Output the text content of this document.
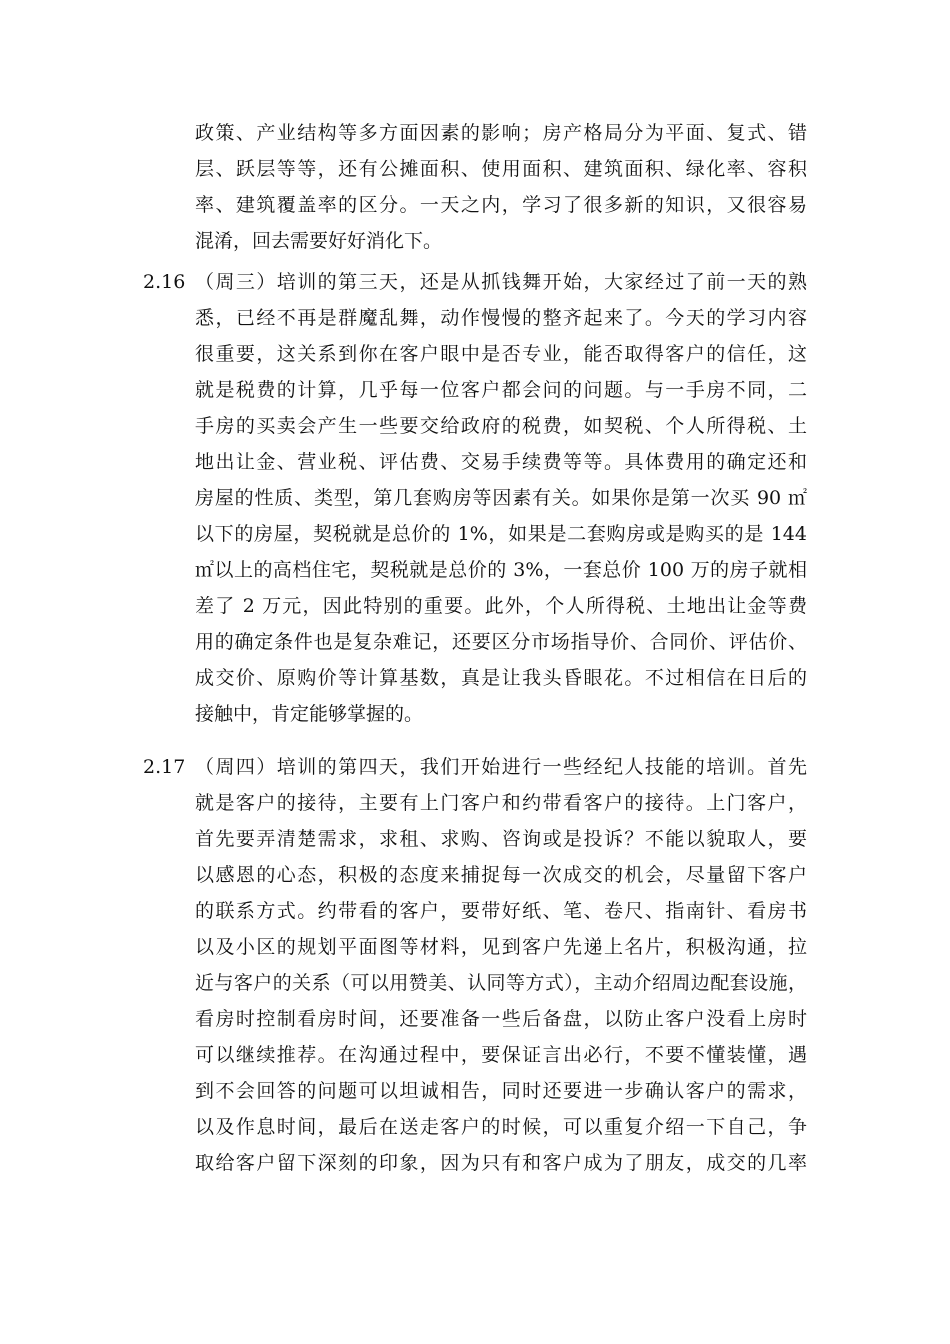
政策、产业结构等多方面因素的影响；房产格局分为平面、复式、错
层、跃层等等，还有公摊面积、使用面积、建筑面积、绿化率、容积
率、建筑覆盖率的区分。一天之内，学习了很多新的知识，又很容易
混淆，回去需要好好消化下。
2.16 （周三）培训的第三天，还是从抓钱舞开始，大家经过了前一天的熟
悉，已经不再是群魔乱舞，动作慢慢的整齐起来了。今天的学习内容
很重要，这关系到你在客户眼中是否专业，能否取得客户的信任，这
就是税费的计算，几乎每一位客户都会问的问题。与一手房不同，二
手房的买卖会产生一些要交给政府的税费，如契税、个人所得税、土
地出让金、营业税、评估费、交易手续费等等。具体费用的确定还和
房屋的性质、类型，第几套购房等因素有关。如果你是第一次买 90 ㎡
以下的房屋，契税就是总价的 1%，如果是二套购房或是购买的是 144
㎡以上的高档住宅，契税就是总价的 3%，一套总价 100 万的房子就相
差了 2 万元，因此特别的重要。此外，个人所得税、土地出让金等费
用的确定条件也是复杂难记，还要区分市场指导价、合同价、评估价、
成交价、原购价等计算基数，真是让我头昏眼花。不过相信在日后的
接触中，肯定能够掌握的。
2.17 （周四）培训的第四天，我们开始进行一些经纪人技能的培训。首先
就是客户的接待，主要有上门客户和约带看客户的接待。上门客户，
首先要弄清楚需求，求租、求购、咨询或是投诉？不能以貌取人，要
以感恩的心态，积极的态度来捕捉每一次成交的机会，尽量留下客户
的联系方式。约带看的客户，要带好纸、笔、卷尺、指南针、看房书
以及小区的规划平面图等材料，见到客户先递上名片，积极沟通，拉
近与客户的关系（可以用赞美、认同等方式），主动介绍周边配套设施，
看房时控制看房时间，还要准备一些后备盘，以防止客户没看上房时
可以继续推荐。在沟通过程中，要保证言出必行，不要不懂装懂，遇
到不会回答的问题可以坦诚相告，同时还要进一步确认客户的需求，
以及作息时间，最后在送走客户的时候，可以重复介绍一下自己，争
取给客户留下深刻的印象，因为只有和客户成为了朋友，成交的几率
